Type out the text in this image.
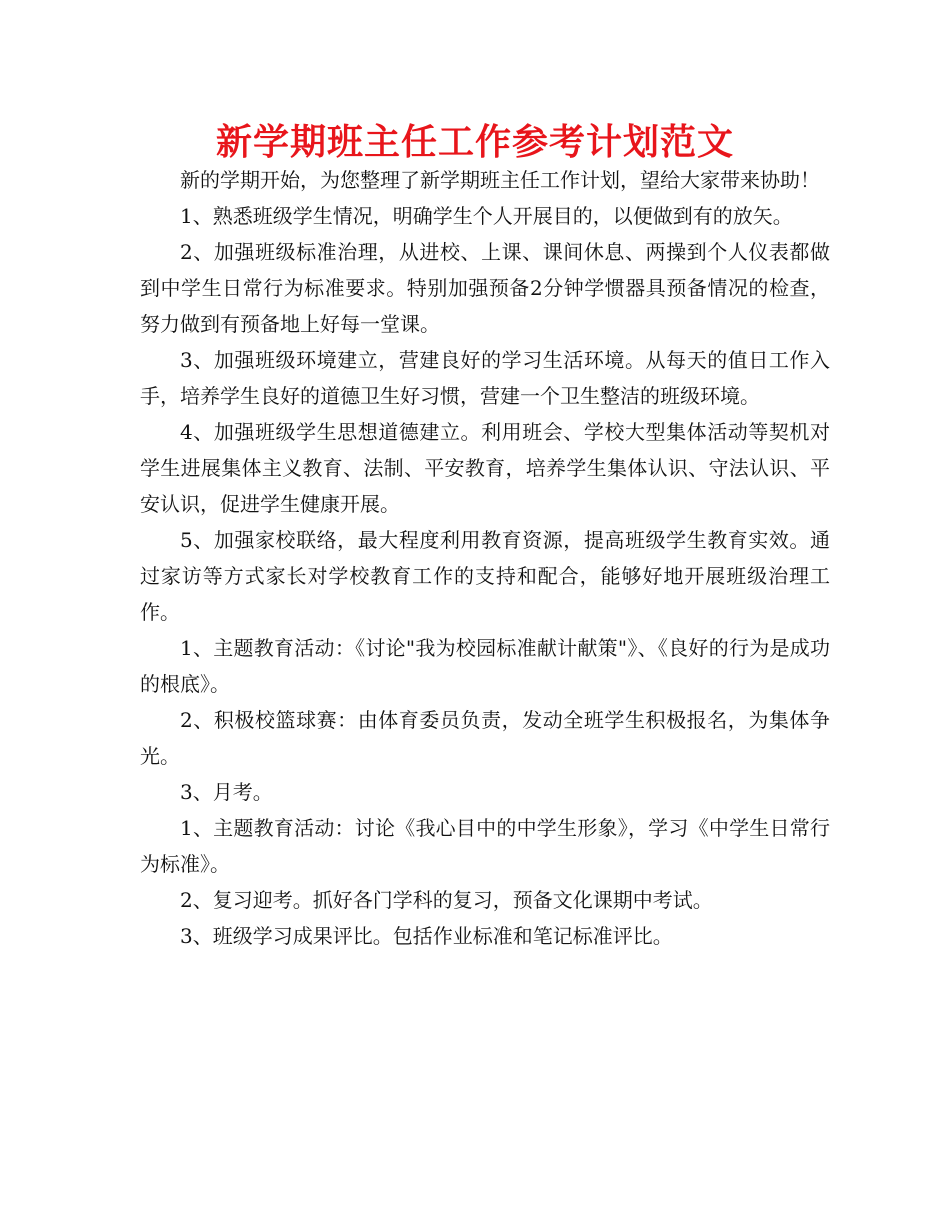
新学期班主任工作参考计划范文

新的学期开始，为您整理了新学期班主任工作计划，望给大家带来协助！

1、熟悉班级学生情况，明确学生个人开展目的，以便做到有的放矢。

2、加强班级标准治理，从进校、上课、课间休息、两操到个人仪表都做到中学生日常行为标准要求。特别加强预备2分钟学惯器具预备情况的检查，努力做到有预备地上好每一堂课。

3、加强班级环境建立，营建良好的学习生活环境。从每天的值日工作入手，培养学生良好的道德卫生好习惯，营建一个卫生整洁的班级环境。

4、加强班级学生思想道德建立。利用班会、学校大型集体活动等契机对学生进展集体主义教育、法制、平安教育，培养学生集体认识、守法认识、平安认识，促进学生健康开展。

5、加强家校联络，最大程度利用教育资源，提高班级学生教育实效。通过家访等方式家长对学校教育工作的支持和配合，能够好地开展班级治理工作。

1、主题教育活动：《讨论"我为校园标准献计献策"》、《良好的行为是成功的根底》。

2、积极校篮球赛：由体育委员负责，发动全班学生积极报名，为集体争光。

3、月考。

1、主题教育活动：讨论《我心目中的中学生形象》，学习《中学生日常行为标准》。

2、复习迎考。抓好各门学科的复习，预备文化课期中考试。

3、班级学习成果评比。包括作业标准和笔记标准评比。
